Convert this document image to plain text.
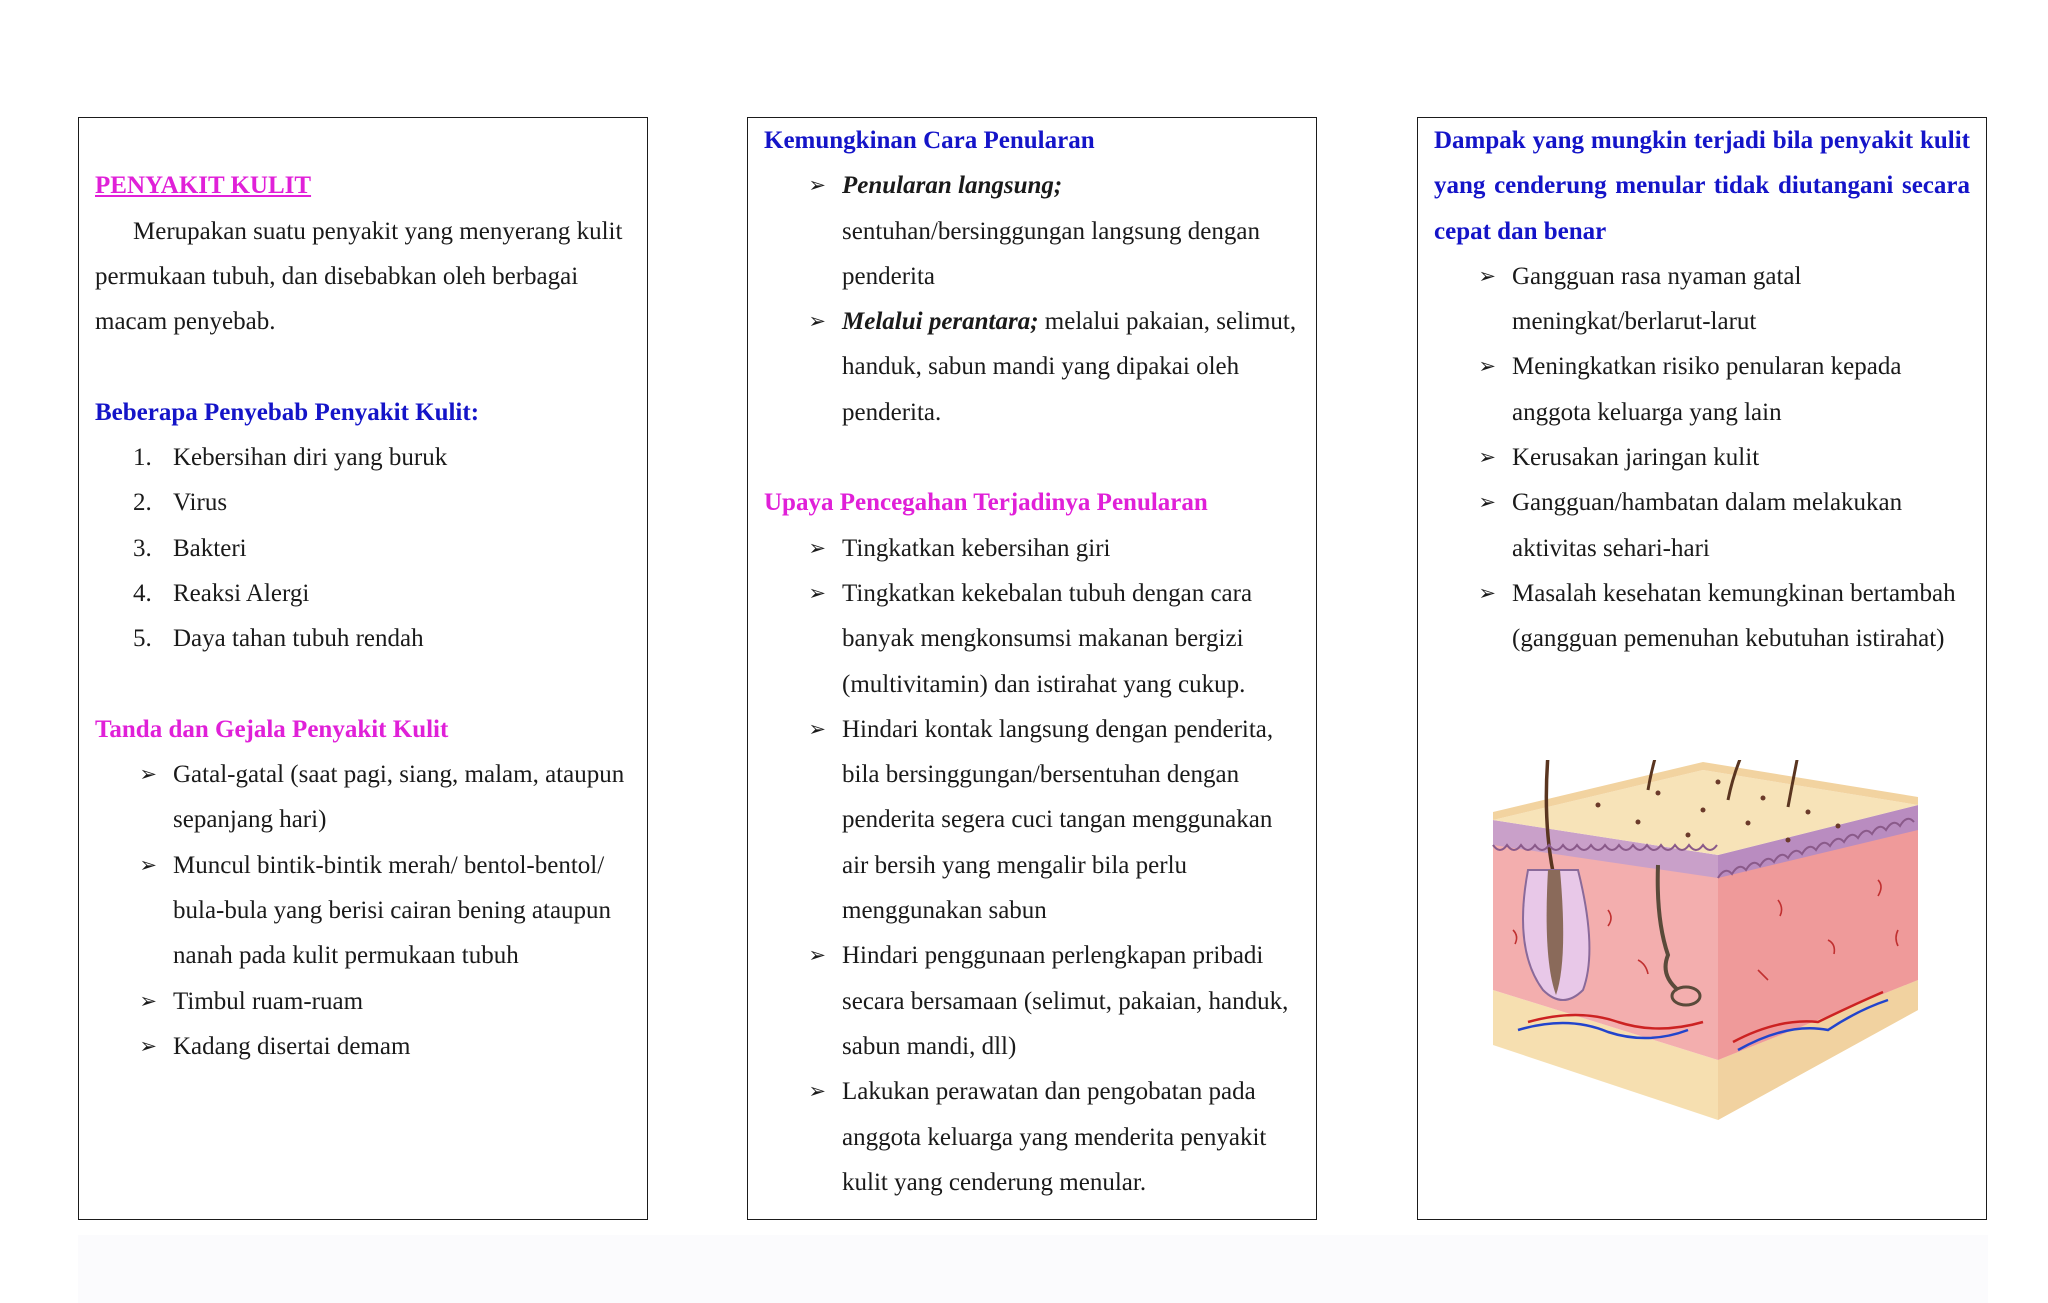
PENYAKIT KULIT

Merupakan suatu penyakit yang menyerang kulit permukaan tubuh, dan disebabkan oleh berbagai macam penyebab.

Beberapa Penyebab Penyakit Kulit:
1. Kebersihan diri yang buruk
2. Virus
3. Bakteri
4. Reaksi Alergi
5. Daya tahan tubuh rendah
Tanda dan Gejala Penyakit Kulit
➢ Gatal-gatal (saat pagi, siang, malam, ataupun sepanjang hari)
➢ Muncul bintik-bintik merah/ bentol-bentol/ bula-bula yang berisi cairan bening ataupun nanah pada kulit permukaan tubuh
➢ Timbul ruam-ruam
➢ Kadang disertai demam
Kemungkinan Cara Penularan
➢ Penularan langsung;
sentuhan/bersinggungan langsung dengan penderita
➢ Melalui perantara; melalui pakaian, selimut, handuk, sabun mandi yang dipakai oleh penderita.
Upaya Pencegahan Terjadinya Penularan
➢ Tingkatkan kebersihan giri
➢ Tingkatkan kekebalan tubuh dengan cara banyak mengkonsumsi makanan bergizi (multivitamin) dan istirahat yang cukup.
➢ Hindari kontak langsung dengan penderita, bila bersinggungan/bersentuhan dengan penderita segera cuci tangan menggunakan air bersih yang mengalir bila perlu menggunakan sabun
➢ Hindari penggunaan perlengkapan pribadi secara bersamaan (selimut, pakaian, handuk, sabun mandi, dll)
➢ Lakukan perawatan dan pengobatan pada anggota keluarga yang menderita penyakit kulit yang cenderung menular.
Dampak yang mungkin terjadi bila penyakit kulit yang cenderung menular tidak diutangani secara cepat dan benar
➢ Gangguan rasa nyaman gatal meningkat/berlarut-larut
➢ Meningkatkan risiko penularan kepada anggota keluarga yang lain
➢ Kerusakan jaringan kulit
➢ Gangguan/hambatan dalam melakukan aktivitas sehari-hari
➢ Masalah kesehatan kemungkinan bertambah (gangguan pemenuhan kebutuhan istirahat)
